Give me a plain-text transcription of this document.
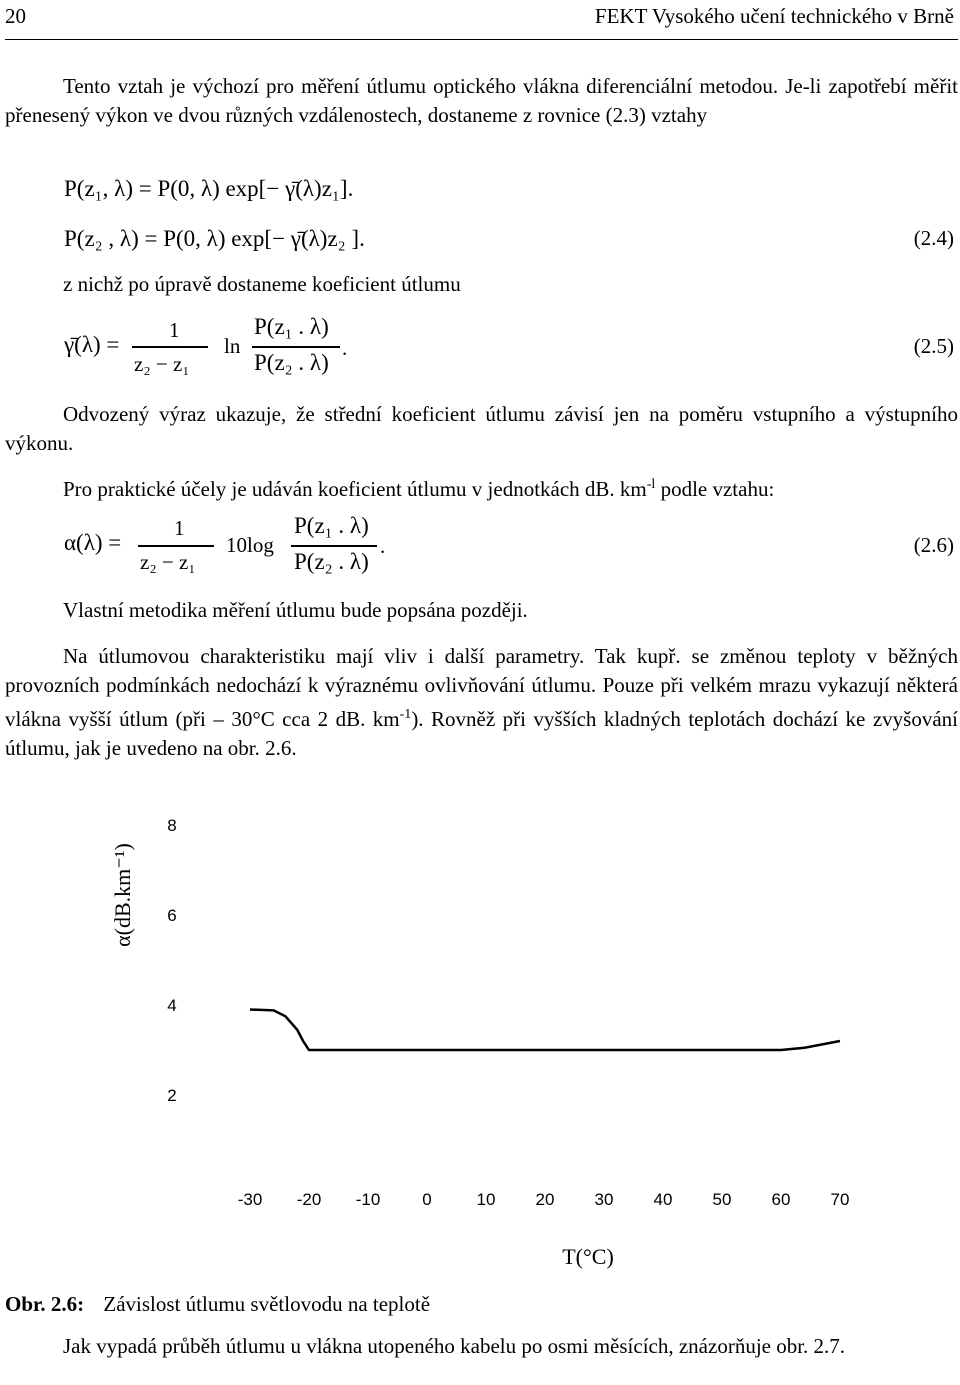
20	FEKT Vysokého učení technického v Brně

Tento vztah je výchozí pro měření útlumu optického vlákna diferenciální metodou. Je-li zapotřebí měřit přenesený výkon ve dvou různých vzdálenostech, dostaneme z rovnice (2.3) vztahy

P(z₁, λ) = P(0, λ) exp[− γ̄(λ)z₁].
P(z₂ , λ) = P(0, λ) exp[− γ̄(λ)z₂ ].	(2.4)

z nichž po úpravě dostaneme koeficient útlumu

γ̄(λ) =
1
z₂ − z₁
ln
P(z₁ . λ)
P(z₂ . λ)
.	(2.5)

Odvozený výraz ukazuje, že střední koeficient útlumu závisí jen na poměru vstupního a výstupního výkonu.

Pro praktické účely je udáván koeficient útlumu v jednotkách dB. $km^{-l}$ podle vztahu:

α(λ) =
1
z₂ − z₁
10log
P(z₁ . λ)
P(z₂ . λ)
.	(2.6)

Vlastní metodika měření útlumu bude popsána později.

Na útlumovou charakteristiku mají vliv i další parametry. Tak kupř. se změnou teploty v běžných provozních podmínkách nedochází k výraznému ovlivňování útlumu. Pouze při velkém mrazu vykazují některá vlákna vyšší útlum (při – 30°C cca 2 dB. $km^{-1}$). Rovněž při vyšších kladných teplotách dochází ke zvyšování útlumu, jak je uvedeno na obr. 2.6.

8
6
4
2
-30 -20 -10 0	10 20 30 40 50 60 70
α(dB.km⁻¹)
T(°C)
Obr. 2.6: Závislost útlumu světlovodu na teplotě

Jak vypadá průběh útlumu u vlákna utopeného kabelu po osmi měsících, znázorňuje obr. 2.7.
